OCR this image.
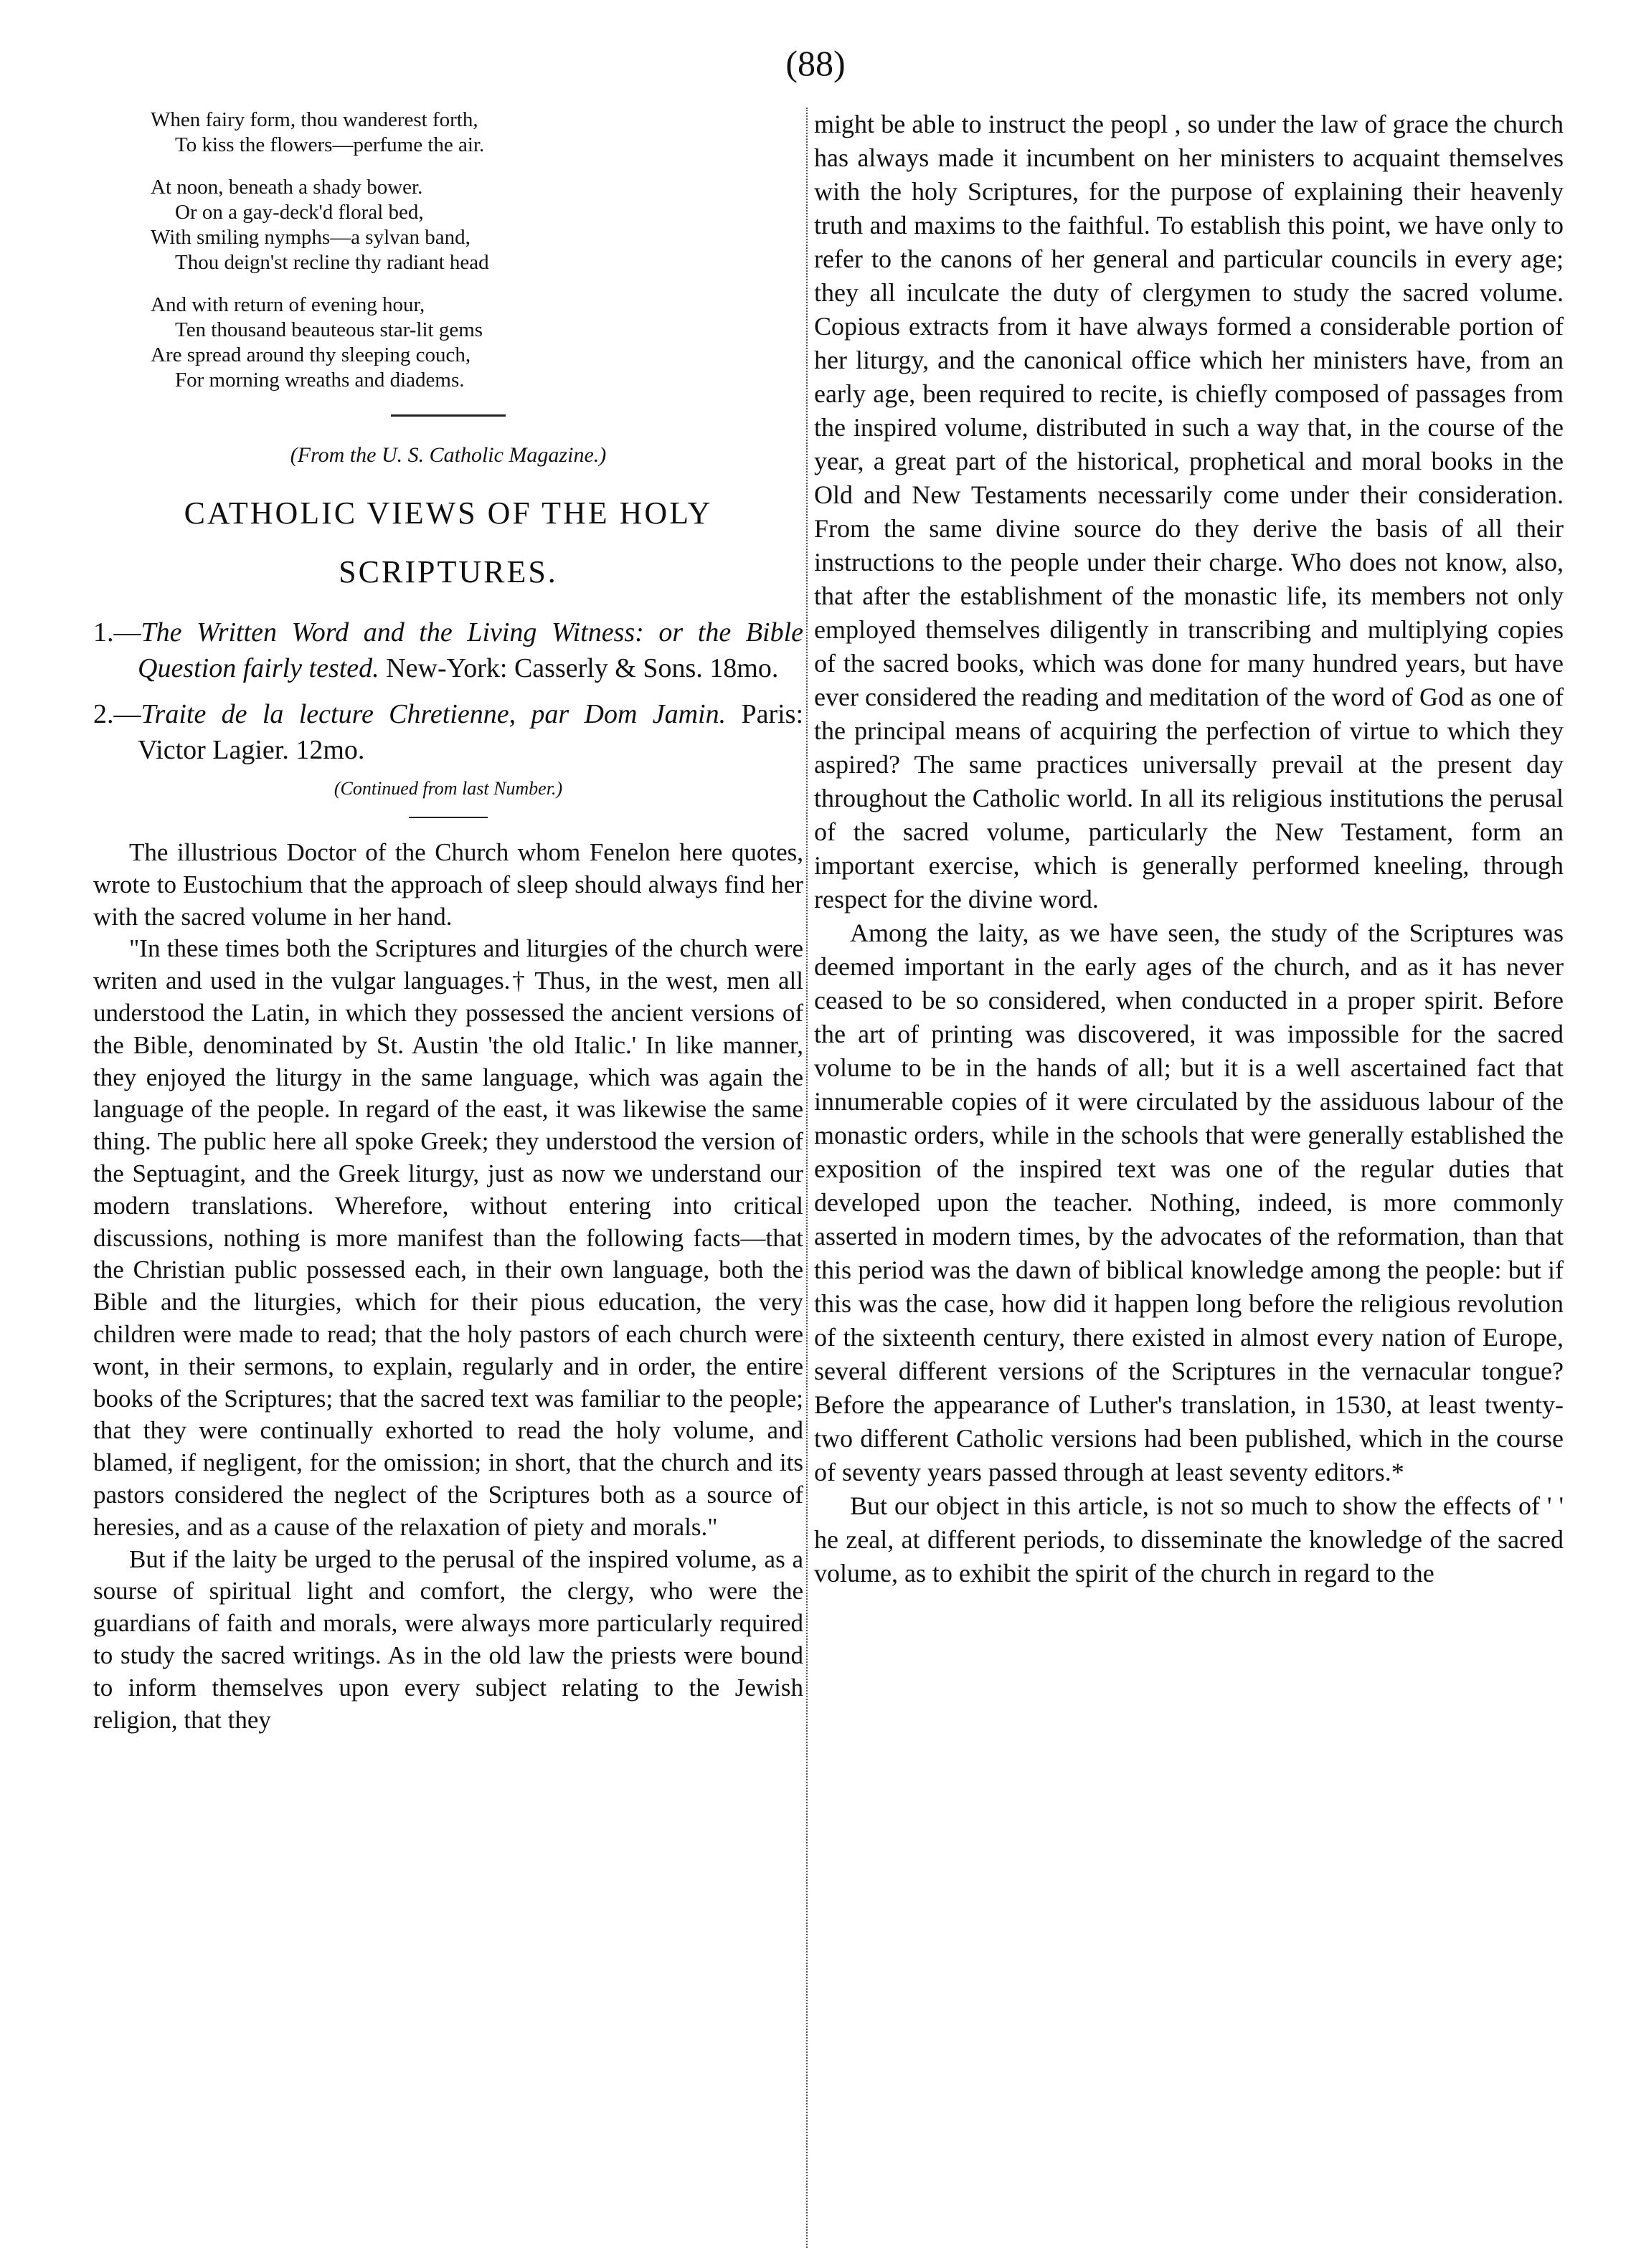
(88)
When fairy form, thou wanderest forth,
To kiss the flowers—perfume the air.
At noon, beneath a shady bower.
Or on a gay-deck'd floral bed,
With smiling nymphs—a sylvan band,
Thou deign'st recline thy radiant head
And with return of evening hour,
Ten thousand beauteous star-lit gems
Are spread around thy sleeping couch,
For morning wreaths and diadems.
(From the U. S. Catholic Magazine.)
CATHOLIC VIEWS OF THE HOLY
SCRIPTURES.
1.—The Written Word and the Living Witness: or the Bible Question fairly tested. New-York: Casserly & Sons. 18mo.
2.—Traite de la lecture Chretienne, par Dom Jamin. Paris: Victor Lagier. 12mo.
(Continued from last Number.)

The illustrious Doctor of the Church whom Fenelon here quotes, wrote to Eustochium that the approach of sleep should always find her with the sacred volume in her hand.

"In these times both the Scriptures and liturgies of the church were writen and used in the vulgar languages.† Thus, in the west, men all understood the Latin, in which they possessed the ancient versions of the Bible, denominated by St. Austin 'the old Italic.' In like manner, they enjoyed the liturgy in the same language, which was again the language of the people. In regard of the east, it was likewise the same thing. The public here all spoke Greek; they understood the version of the Septuagint, and the Greek liturgy, just as now we understand our modern translations. Wherefore, without entering into critical discussions, nothing is more manifest than the following facts—that the Christian public possessed each, in their own language, both the Bible and the liturgies, which for their pious education, the very children were made to read; that the holy pastors of each church were wont, in their sermons, to explain, regularly and in order, the entire books of the Scriptures; that the sacred text was familiar to the people; that they were continually exhorted to read the holy volume, and blamed, if negligent, for the omission; in short, that the church and its pastors considered the neglect of the Scriptures both as a source of heresies, and as a cause of the relaxation of piety and morals."

But if the laity be urged to the perusal of the inspired volume, as a sourse of spiritual light and comfort, the clergy, who were the guardians of faith and morals, were always more particularly required to study the sacred writings. As in the old law the priests were bound to inform themselves upon every subject relating to the Jewish religion, that they

might be able to instruct the peopl , so under the law of grace the church has always made it incumbent on her ministers to acquaint themselves with the holy Scriptures, for the purpose of explaining their heavenly truth and maxims to the faithful. To establish this point, we have only to refer to the canons of her general and particular councils in every age; they all inculcate the duty of clergymen to study the sacred volume. Copious extracts from it have always formed a considerable portion of her liturgy, and the canonical office which her ministers have, from an early age, been required to recite, is chiefly composed of passages from the inspired volume, distributed in such a way that, in the course of the year, a great part of the historical, prophetical and moral books in the Old and New Testaments necessarily come under their consideration. From the same divine source do they derive the basis of all their instructions to the people under their charge. Who does not know, also, that after the establishment of the monastic life, its members not only employed themselves diligently in transcribing and multiplying copies of the sacred books, which was done for many hundred years, but have ever considered the reading and meditation of the word of God as one of the principal means of acquiring the perfection of virtue to which they aspired? The same practices universally prevail at the present day throughout the Catholic world. In all its religious institutions the perusal of the sacred volume, particularly the New Testament, form an important exercise, which is generally performed kneeling, through respect for the divine word.

Among the laity, as we have seen, the study of the Scriptures was deemed important in the early ages of the church, and as it has never ceased to be so considered, when conducted in a proper spirit. Before the art of printing was discovered, it was impossible for the sacred volume to be in the hands of all; but it is a well ascertained fact that innumerable copies of it were circulated by the assiduous labour of the monastic orders, while in the schools that were generally established the exposition of the inspired text was one of the regular duties that developed upon the teacher. Nothing, indeed, is more commonly asserted in modern times, by the advocates of the reformation, than that this period was the dawn of biblical knowledge among the people: but if this was the case, how did it happen long before the religious revolution of the sixteenth century, there existed in almost every nation of Europe, several different versions of the Scriptures in the vernacular tongue? Before the appearance of Luther's translation, in 1530, at least twenty-two different Catholic versions had been published, which in the course of seventy years passed through at least seventy editors.*

But our object in this article, is not so much to show the effects of ' ' he zeal, at different periods, to disseminate the knowledge of the sacred volume, as to exhibit the spirit of the church in regard to the
